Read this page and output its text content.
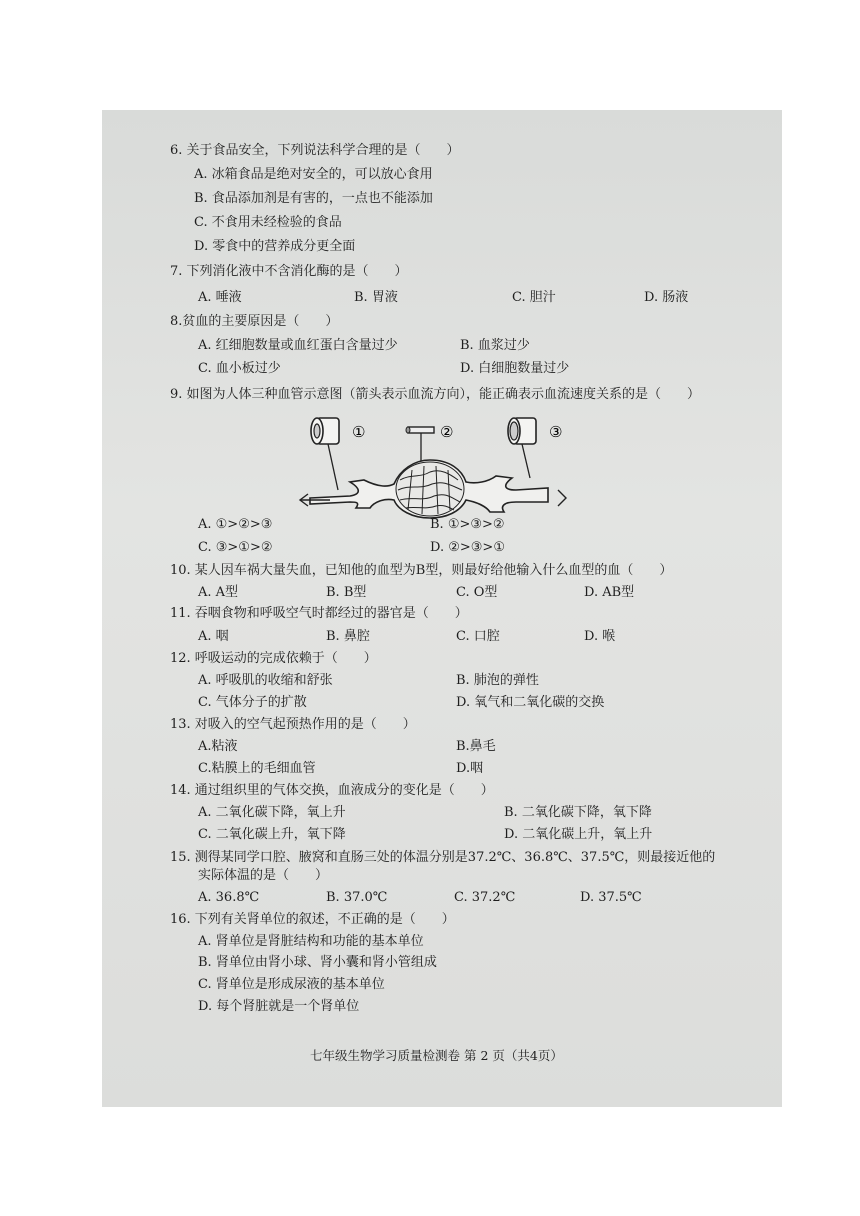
6. 关于食品安全，下列说法科学合理的是（　　）
A. 冰箱食品是绝对安全的，可以放心食用
B. 食品添加剂是有害的，一点也不能添加
C. 不食用未经检验的食品
D. 零食中的营养成分更全面
7. 下列消化液中不含消化酶的是（　　）
A. 唾液	B. 胃液	C. 胆汁	D. 肠液
8.贫血的主要原因是（　　）
A. 红细胞数量或血红蛋白含量过少	B. 血浆过少
C. 血小板过少	D. 白细胞数量过少
9. 如图为人体三种血管示意图（箭头表示血流方向），能正确表示血流速度关系的是（　　）
①	②	③
A. ①>②>③	B. ①>③>②
C. ③>①>②	D. ②>③>①
10. 某人因车祸大量失血，已知他的血型为B型，则最好给他输入什么血型的血（　　）
A. A型	B. B型	C. O型	D. AB型
11. 吞咽食物和呼吸空气时都经过的器官是（　　）
A. 咽	B. 鼻腔	C. 口腔	D. 喉
12. 呼吸运动的完成依赖于（　　）
A. 呼吸肌的收缩和舒张	B. 肺泡的弹性
C. 气体分子的扩散	D. 氧气和二氧化碳的交换
13. 对吸入的空气起预热作用的是（　　）
A.粘液	B.鼻毛
C.粘膜上的毛细血管	D.咽
14. 通过组织里的气体交换，血液成分的变化是（　　）
A. 二氧化碳下降，氧上升	B. 二氧化碳下降，氧下降
C. 二氧化碳上升，氧下降	D. 二氧化碳上升，氧上升
15. 测得某同学口腔、腋窝和直肠三处的体温分别是37.2℃、36.8℃、37.5℃，则最接近他的
实际体温的是（　　）
A. 36.8℃	B. 37.0℃	C. 37.2℃	D. 37.5℃
16. 下列有关肾单位的叙述，不正确的是（　　）
A. 肾单位是肾脏结构和功能的基本单位
B. 肾单位由肾小球、肾小囊和肾小管组成
C. 肾单位是形成尿液的基本单位
D. 每个肾脏就是一个肾单位
七年级生物学习质量检测卷 第 2 页（共4页）
